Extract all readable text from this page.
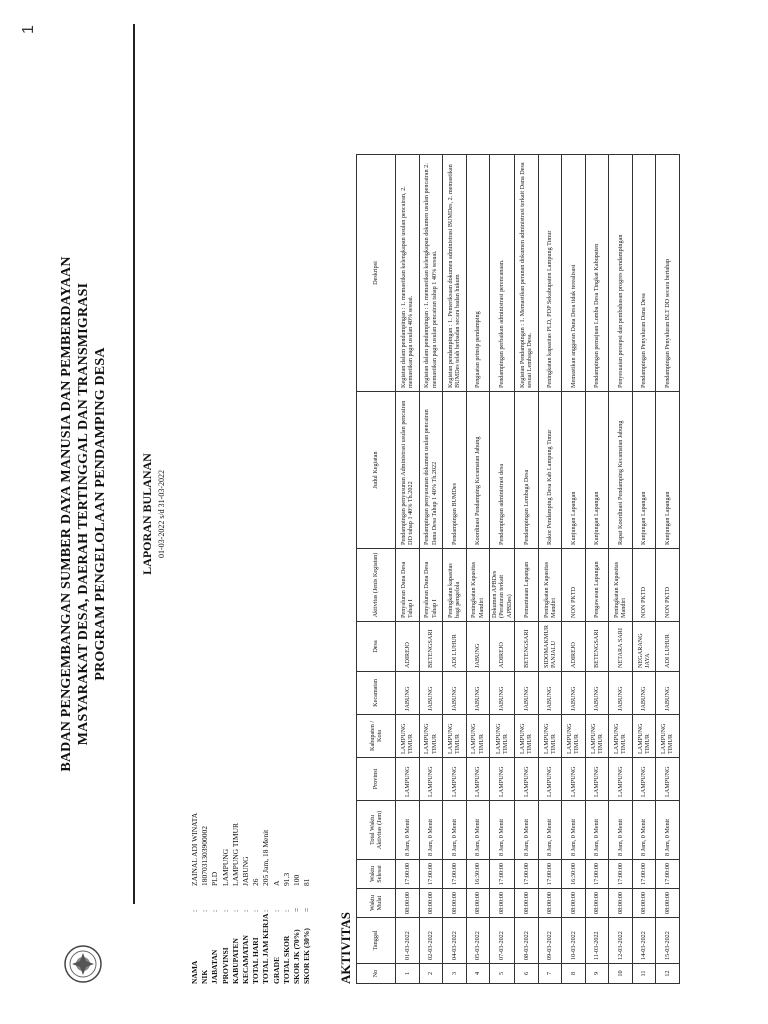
1
BADAN PENGEMBANGAN SUMBER DAYA MANUSIA DAN PEMBERDAYAAN MASYARAKAT DESA, DAERAH TERTINGGAL DAN TRANSMIGRASI PROGRAM PENGELOLAAN PENDAMPING DESA	LAPORAN BULANAN 01-03-2022 s/d 31-03-2022
NAMA
:
ZAINAL ADI WINATA
NIK
:
1807031303900002
JABATAN
:
PLD
PROVINSI
:
LAMPUNG
KABUPATEN
:
LAMPUNG TIMUR
KECAMATAN
:
JABUNG
TOTAL HARI
:
26
TOTAL JAM KERJA
:
205 Jam, 18 Menit
GRADE
:
A
TOTAL SKOR
:
91.3
SKOR JK (70%)
=
100
SKOR EK (30%)
=
81
AKTIVITAS	No	Tanggal	Waktu Mulai	Waktu Selesai	Total Waktu Aktivitas (Jam)	Provinsi	Kabupaten / Kota	Kecamatan	Desa	Aktivitas (Jenis Kegiatan)	Judul Kegiatan	Deskripsi
1	01-03-2022	08:00:00	17:00:00	8 Jam, 0 Menit	LAMPUNG	LAMPUNG TIMUR	JABUNG	ADIREJO	Penyaluran Dana Desa Tahap I	Pendampingan penyusunan Administrasi usulan pencairan DD tahap 1 40% Th.2022	Kegiatan dalam pendampingan : 1. memastikan kelengkapan usulan pencairan, 2. memastikan pagu usulan 40% sesuai.
2	02-03-2022	08:00:00	17:00:00	8 Jam, 0 Menit	LAMPUNG	LAMPUNG TIMUR	JABUNG	BETENGSARI	Penyaluran Dana Desa Tahap I	Pendampingan penyusunan dokumen usulan pencairan Dana Desa Tahap 1 40% Th.2022	Kegiatan dalam pendampingan : 1. memastikan kelengkapan dokumen usulan pencairan 2. memastikan pagu usulan pencairan tahap 1 40% sesuai.
3	04-03-2022	08:00:00	17:00:00	8 Jam, 0 Menit	LAMPUNG	LAMPUNG TIMUR	JABUNG	ADI LUHUR	Peningkatan kapasitas bagi pengelola	Pendampingan BUMDes	Kegiatan pendampingan : 1. Pemeriksaan dokumen administrasi BUMDes, 2. memastikan BUMDes telah berbadan secara badan hukum
4	05-03-2022	08:00:00	16:30:00	8 Jam, 0 Menit	LAMPUNG	LAMPUNG TIMUR	JABUNG	JABUNG	Peningkatan Kapasitas Mandiri	Koordinasi Pendamping Kecamatan Jabung	Penguatan prinsip pendamping
5	07-03-2022	08:00:00	17:00:00	8 Jam, 0 Menit	LAMPUNG	LAMPUNG TIMUR	JABUNG	ADIREJO	Dokumen APBDes (Peraturan terkait APBDes)	Pendampingan administrasi desa	Pendampingan perbaikan administrasi perencanaan.
6	08-03-2022	08:00:00	17:00:00	8 Jam, 0 Menit	LAMPUNG	LAMPUNG TIMUR	JABUNG	BETENGSARI	Pemantauan Lapangan	Pendampingan Lembaga Desa	Kegiatan Pendampingan : 1. Memastikan peranan dokumen administrasi terkait Dana Desa sesuai Lembaga Desa.
7	09-03-2022	08:00:00	17:00:00	8 Jam, 0 Menit	LAMPUNG	LAMPUNG TIMUR	JABUNG	SIDOMAKMUR PANJALU	Peningkatan Kapasitas Mandiri	Rakor Pendamping Desa Kab Lampung Timur	Peningkatan kapasitas PLD, PDP Sekabupaten Lampung Timur
8	10-03-2022	08:00:00	16:30:00	8 Jam, 0 Menit	LAMPUNG	LAMPUNG TIMUR	JABUNG	ADIREJO	NON PKTD	Kunjungan Lapangan	Memastikan anggaran Dana Desa tidak terealisasi
9	11-03-2022	08:00:00	17:00:00	8 Jam, 0 Menit	LAMPUNG	LAMPUNG TIMUR	JABUNG	BETENGSARI	Pengawasan Lapangan	Kunjungan Lapangan	Pendampingan pemajuan Lomba Desa Tingkat Kabupaten
10	12-03-2022	08:00:00	17:00:00	8 Jam, 0 Menit	LAMPUNG	LAMPUNG TIMUR	JABUNG	NETARA SARI	Peningkatan Kapasitas Mandiri	Rapat Koordinasi Pendamping Kecamatan Jabung	Penyesuaian persepsi dan pembahasan progres pendampingan
11	14-03-2022	08:00:00	17:00:00	8 Jam, 0 Menit	LAMPUNG	LAMPUNG TIMUR	JABUNG	NEGARANG JAYA	NON PKTD	Kunjungan Lapangan	Pendampingan Penyaluran Dana Desa
12	15-03-2022	08:00:00	17:00:00	8 Jam, 0 Menit	LAMPUNG	LAMPUNG TIMUR	JABUNG	ADI LUHUR	NON PKTD	Kunjungan Lapangan	Pendampingan Penyaluran BLT DD secara bertahap
